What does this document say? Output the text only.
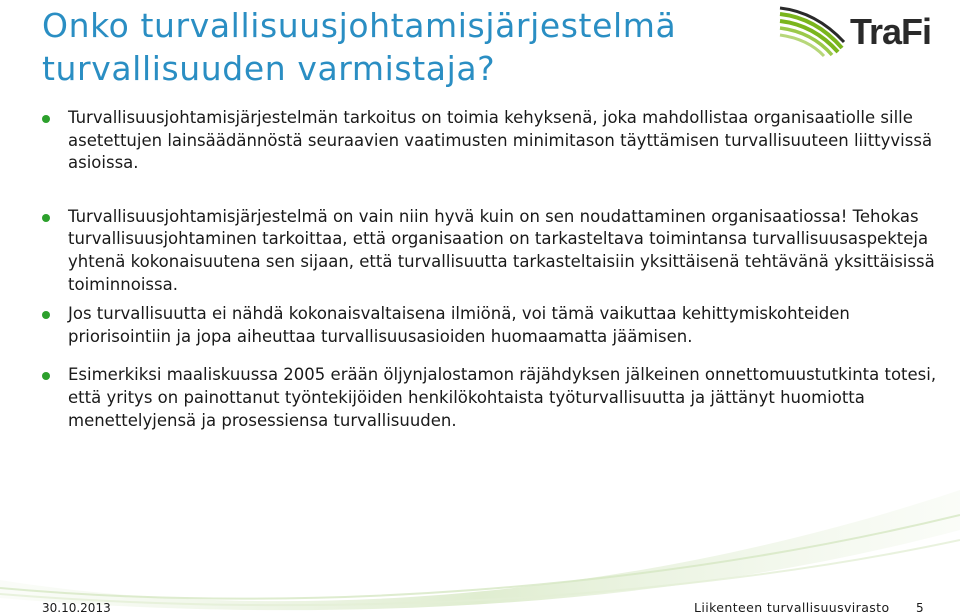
Onko turvallisuusjohtamisjärjestelmä turvallisuuden varmistaja?
TraFi
Turvallisuusjohtamisjärjestelmän tarkoitus on toimia kehyksenä, joka mahdollistaa organisaatiolle sille asetettujen lainsäädännöstä seuraavien vaatimusten minimitason täyttämisen turvallisuuteen liittyvissä asioissa.
Turvallisuusjohtamisjärjestelmä on vain niin hyvä kuin on sen noudattaminen organisaatiossa! Tehokas turvallisuusjohtaminen tarkoittaa, että organisaation on tarkasteltava toimintansa turvallisuusaspekteja yhtenä kokonaisuutena sen sijaan, että turvallisuutta tarkasteltaisiin yksittäisenä tehtävänä yksittäisissä toiminnoissa.
Jos turvallisuutta ei nähdä kokonaisvaltaisena ilmiönä, voi tämä vaikuttaa kehittymiskohteiden priorisointiin ja jopa aiheuttaa turvallisuusasioiden huomaamatta jäämisen.
Esimerkiksi maaliskuussa 2005 erään öljynjalostamon räjähdyksen jälkeinen onnettomuustutkinta totesi, että yritys on painottanut työntekijöiden henkilökohtaista työturvallisuutta ja jättänyt huomiotta menettelyjensä ja prosessiensa turvallisuuden.
30.10.2013	Liikenteen turvallisuusvirasto 5
